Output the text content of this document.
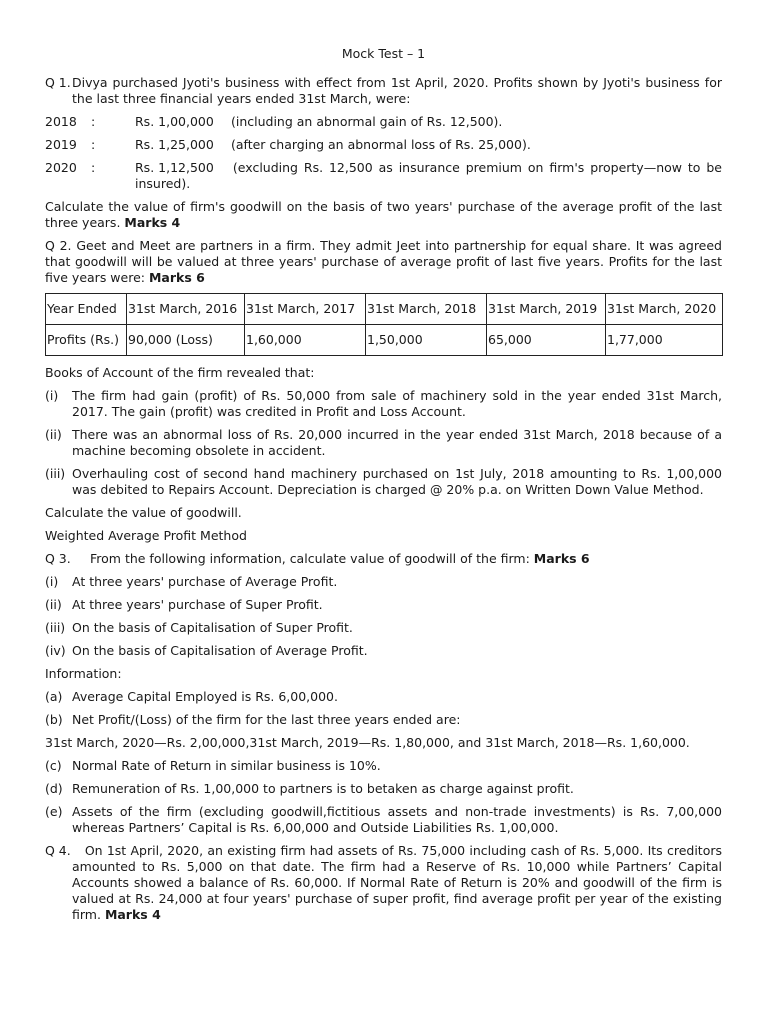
Mock Test – 1

Q 1.Divya purchased Jyoti's business with effect from 1st April, 2020. Profits shown by Jyoti's business for the last three financial years ended 31st March, were:

2018	:	Rs. 1,00,000 (including an abnormal gain of Rs. 12,500).
2019	:	Rs. 1,25,000 (after charging an abnormal loss of Rs. 25,000).
2020	:	Rs. 1,12,500 (excluding Rs. 12,500 as insurance premium on firm's property—now to be insured).

Calculate the value of firm's goodwill on the basis of two years' purchase of the average profit of the last three years. Marks 4

Q 2. Geet and Meet are partners in a firm. They admit Jeet into partnership for equal share. It was agreed that goodwill will be valued at three years' purchase of average profit of last five years. Profits for the last five years were: Marks 6

Year Ended	31st March, 2016	31st March, 2017	31st March, 2018	31st March, 2019	31st March, 2020
Profits (Rs.)	90,000 (Loss)	1,60,000	1,50,000	65,000	1,77,000

Books of Account of the firm revealed that:

(i)	The firm had gain (profit) of Rs. 50,000 from sale of machinery sold in the year ended 31st March, 2017. The gain (profit) was credited in Profit and Loss Account.
(ii) There was an abnormal loss of Rs. 20,000 incurred in the year ended 31st March, 2018 because of a machine becoming obsolete in accident.
(iii) Overhauling cost of second hand machinery purchased on 1st July, 2018 amounting to Rs. 1,00,000 was debited to Repairs Account. Depreciation is charged @ 20% p.a. on Written Down Value Method.

Calculate the value of goodwill.

Weighted Average Profit Method

Q 3. From the following information, calculate value of goodwill of the firm: Marks 6

(i)	At three years' purchase of Average Profit.
(ii) At three years' purchase of Super Profit.
(iii) On the basis of Capitalisation of Super Profit.
(iv) On the basis of Capitalisation of Average Profit.

Information:

(a) Average Capital Employed is Rs. 6,00,000.
(b) Net Profit/(Loss) of the firm for the last three years ended are:

31st March, 2020—Rs. 2,00,000,31st March, 2019—Rs. 1,80,000, and 31st March, 2018—Rs. 1,60,000.

(c) Normal Rate of Return in similar business is 10%.
(d) Remuneration of Rs. 1,00,000 to partners is to betaken as charge against profit.
(e) Assets of the firm (excluding goodwill,fictitious assets and non-trade investments) is Rs. 7,00,000 whereas Partners’ Capital is Rs. 6,00,000 and Outside Liabilities Rs. 1,00,000.

Q 4. On 1st April, 2020, an existing firm had assets of Rs. 75,000 including cash of Rs. 5,000. Its creditors amounted to Rs. 5,000 on that date. The firm had a Reserve of Rs. 10,000 while Partners’ Capital Accounts showed a balance of Rs. 60,000. If Normal Rate of Return is 20% and goodwill of the firm is valued at Rs. 24,000 at four years' purchase of super profit, find average profit per year of the existing firm. Marks 4
